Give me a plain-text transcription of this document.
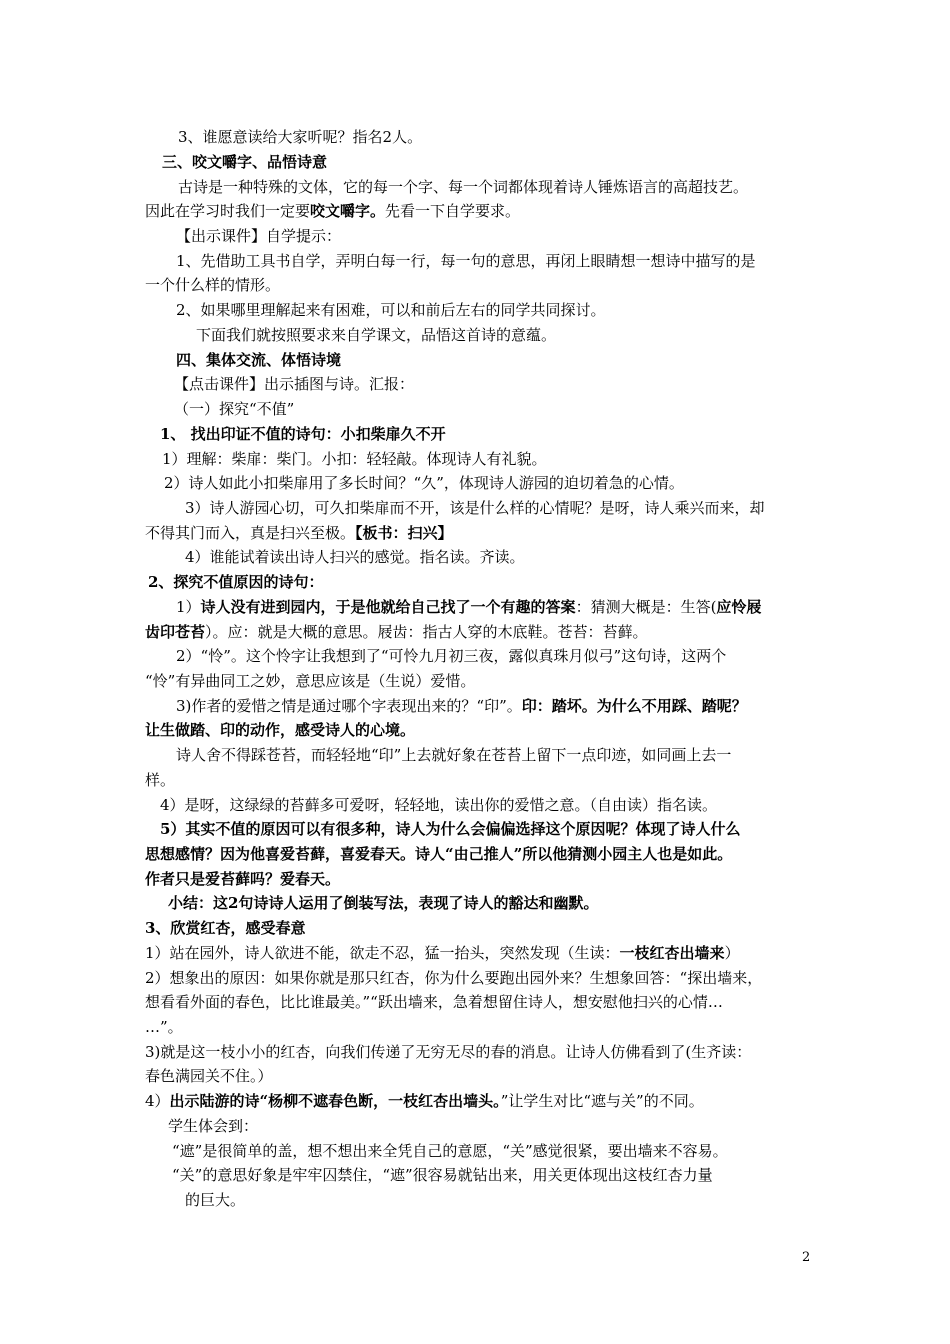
3、谁愿意读给大家听呢？指名2人。
三、咬文嚼字、品悟诗意
古诗是一种特殊的文体，它的每一个字、每一个词都体现着诗人锤炼语言的高超技艺。
因此在学习时我们一定要咬文嚼字。先看一下自学要求。
【出示课件】自学提示：
1、先借助工具书自学，弄明白每一行，每一句的意思，再闭上眼睛想一想诗中描写的是
一个什么样的情形。
2、如果哪里理解起来有困难，可以和前后左右的同学共同探讨。
下面我们就按照要求来自学课文，品悟这首诗的意蕴。
四、集体交流、体悟诗境
【点击课件】出示插图与诗。汇报：
（一）探究“不值”
1、 找出印证不值的诗句：小扣柴扉久不开
1）理解：柴扉：柴门。小扣：轻轻敲。体现诗人有礼貌。
2）诗人如此小扣柴扉用了多长时间？“久”，体现诗人游园的迫切着急的心情。
3）诗人游园心切，可久扣柴扉而不开，该是什么样的心情呢？是呀，诗人乘兴而来，却
不得其门而入，真是扫兴至极。【板书：扫兴】
4）谁能试着读出诗人扫兴的感觉。指名读。齐读。
2、探究不值原因的诗句：
1）诗人没有进到园内，于是他就给自己找了一个有趣的答案：猜测大概是：生答(应怜屐
齿印苍苔）。应：就是大概的意思。屐齿：指古人穿的木底鞋。苍苔：苔藓。
2）“怜”。这个怜字让我想到了“可怜九月初三夜，露似真珠月似弓”这句诗，这两个
“怜”有异曲同工之妙，意思应该是（生说）爱惜。
3)作者的爱惜之情是通过哪个字表现出来的？“印”。印：踏坏。为什么不用踩、踏呢？
让生做踏、印的动作，感受诗人的心境。
诗人舍不得踩苍苔，而轻轻地“印”上去就好象在苍苔上留下一点印迹，如同画上去一
样。
4）是呀，这绿绿的苔藓多可爱呀，轻轻地，读出你的爱惜之意。（自由读）指名读。
5）其实不值的原因可以有很多种，诗人为什么会偏偏选择这个原因呢？体现了诗人什么
思想感情？因为他喜爱苔藓，喜爱春天。诗人“由己推人”所以他猜测小园主人也是如此。
作者只是爱苔藓吗？爱春天。
小结：这2句诗诗人运用了倒装写法，表现了诗人的豁达和幽默。
3、欣赏红杏，感受春意
1）站在园外，诗人欲进不能，欲走不忍，猛一抬头，突然发现（生读：一枝红杏出墙来）
2）想象出的原因：如果你就是那只红杏，你为什么要跑出园外来？生想象回答：“探出墙来，
想看看外面的春色，比比谁最美。”“跃出墙来，急着想留住诗人，想安慰他扫兴的心情…
…”。
3)就是这一枝小小的红杏，向我们传递了无穷无尽的春的消息。让诗人仿佛看到了(生齐读：
春色满园关不住。）
4）出示陆游的诗“杨柳不遮春色断，一枝红杏出墙头。”让学生对比“遮与关”的不同。
学生体会到：
“遮”是很简单的盖，想不想出来全凭自己的意愿，“关”感觉很紧，要出墙来不容易。
“关”的意思好象是牢牢囚禁住，“遮”很容易就钻出来，用关更体现出这枝红杏力量
的巨大。
2
